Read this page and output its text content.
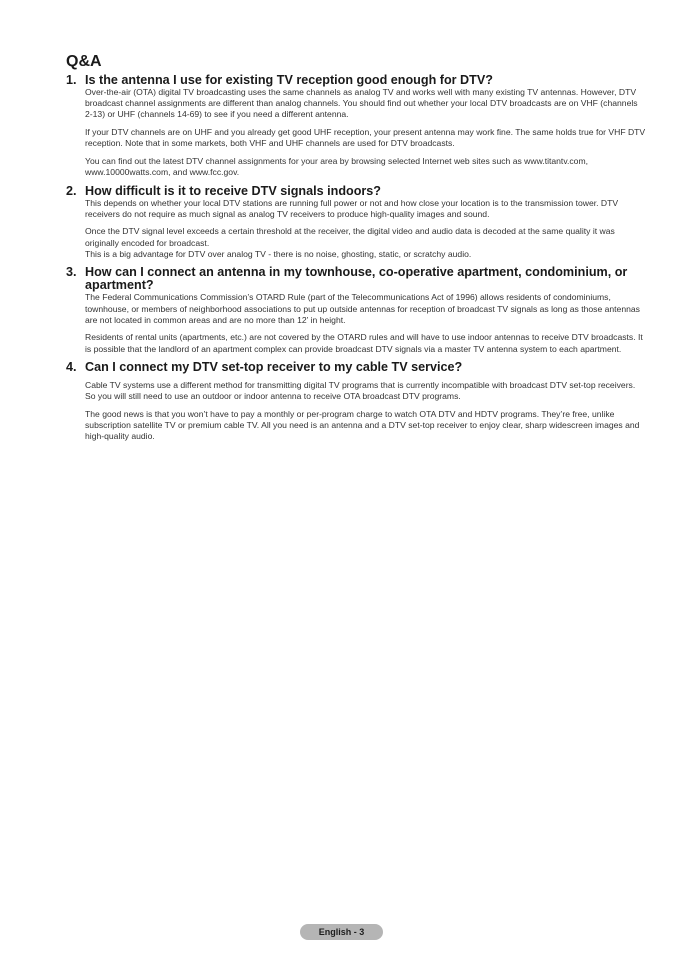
Q&A
1. Is the antenna I use for existing TV reception good enough for DTV?

Over-the-air (OTA) digital TV broadcasting uses the same channels as analog TV and works well with many existing TV antennas. However, DTV broadcast channel assignments are different than analog channels. You should find out whether your local DTV broadcasts are on VHF (channels 2-13) or UHF (channels 14-69) to see if you need a different antenna.

If your DTV channels are on UHF and you already get good UHF reception, your present antenna may work fine. The same holds true for VHF DTV reception. Note that in some markets, both VHF and UHF channels are used for DTV broadcasts.

You can find out the latest DTV channel assignments for your area by browsing selected Internet web sites such as www.titantv.com, www.10000watts.com, and www.fcc.gov.

2. How difficult is it to receive DTV signals indoors?

This depends on whether your local DTV stations are running full power or not and how close your location is to the transmission tower. DTV receivers do not require as much signal as analog TV receivers to produce high-quality images and sound.

Once the DTV signal level exceeds a certain threshold at the receiver, the digital video and audio data is decoded at the same quality it was originally encoded for broadcast.

This is a big advantage for DTV over analog TV - there is no noise, ghosting, static, or scratchy audio.

3. How can I connect an antenna in my townhouse, co-operative apartment, condominium, or apartment?

The Federal Communications Commission’s OTARD Rule (part of the Telecommunications Act of 1996) allows residents of condominiums, townhouse, or members of neighborhood associations to put up outside antennas for reception of broadcast TV signals as long as those antennas are not located in common areas and are no more than 12’ in height.

Residents of rental units (apartments, etc.) are not covered by the OTARD rules and will have to use indoor antennas to receive DTV broadcasts. It is possible that the landlord of an apartment complex can provide broadcast DTV signals via a master TV antenna system to each apartment.

4. Can I connect my DTV set-top receiver to my cable TV service?

Cable TV systems use a different method for transmitting digital TV programs that is currently incompatible with broadcast DTV set-top receivers. So you will still need to use an outdoor or indoor antenna to receive OTA broadcast DTV programs.

The good news is that you won’t have to pay a monthly or per-program charge to watch OTA DTV and HDTV programs. They’re free, unlike subscription satellite TV or premium cable TV. All you need is an antenna and a DTV set-top receiver to enjoy clear, sharp widescreen images and high-quality audio.

English - 3
